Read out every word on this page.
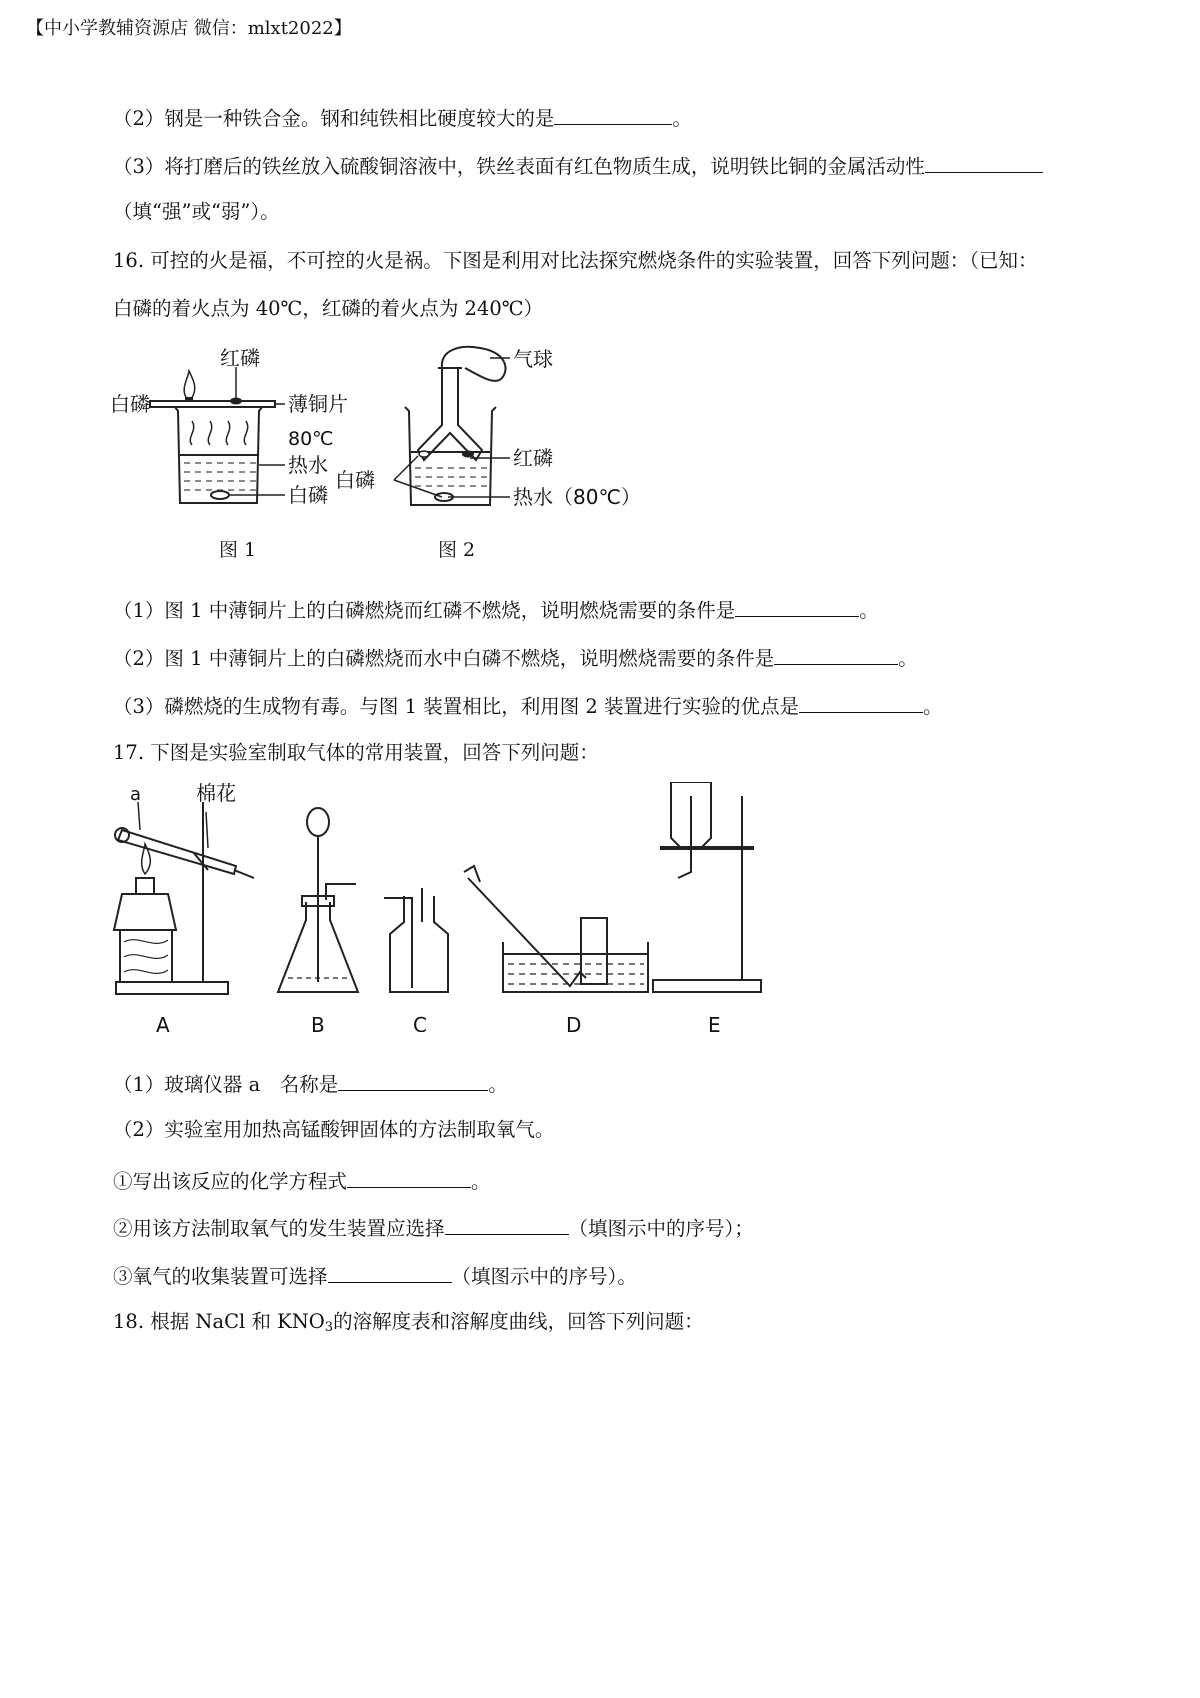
【中小学教辅资源店 微信：mlxt2022】
（2）钢是一种铁合金。钢和纯铁相比硬度较大的是	。
（3）将打磨后的铁丝放入硫酸铜溶液中，铁丝表面有红色物质生成，说明铁比铜的金属活动性
（填“强”或“弱”）。
16. 可控的火是福，不可控的火是祸。下图是利用对比法探究燃烧条件的实验装置，回答下列问题：（已知：
白磷的着火点为 40℃，红磷的着火点为 240℃）
红磷
白磷	薄铜片
80℃
热水
白磷
图 1
气球
红磷
白磷
热水（80℃）
图 2
（1）图 1 中薄铜片上的白磷燃烧而红磷不燃烧，说明燃烧需要的条件是	。
（2）图 1 中薄铜片上的白磷燃烧而水中白磷不燃烧，说明燃烧需要的条件是	。
（3）磷燃烧的生成物有毒。与图 1 装置相比，利用图 2 装置进行实验的优点是	。
17. 下图是实验室制取气体的常用装置，回答下列问题：
a	棉花
A	B	C	D	E
（1）玻璃仪器 a　名称是	。
（2）实验室用加热高锰酸钾固体的方法制取氧气。
①写出该反应的化学方程式	。
②用该方法制取氧气的发生装置应选择	（填图示中的序号）；
③氧气的收集装置可选择	（填图示中的序号）。
18. 根据 NaCl 和 $KNO_3$的溶解度表和溶解度曲线，回答下列问题：
